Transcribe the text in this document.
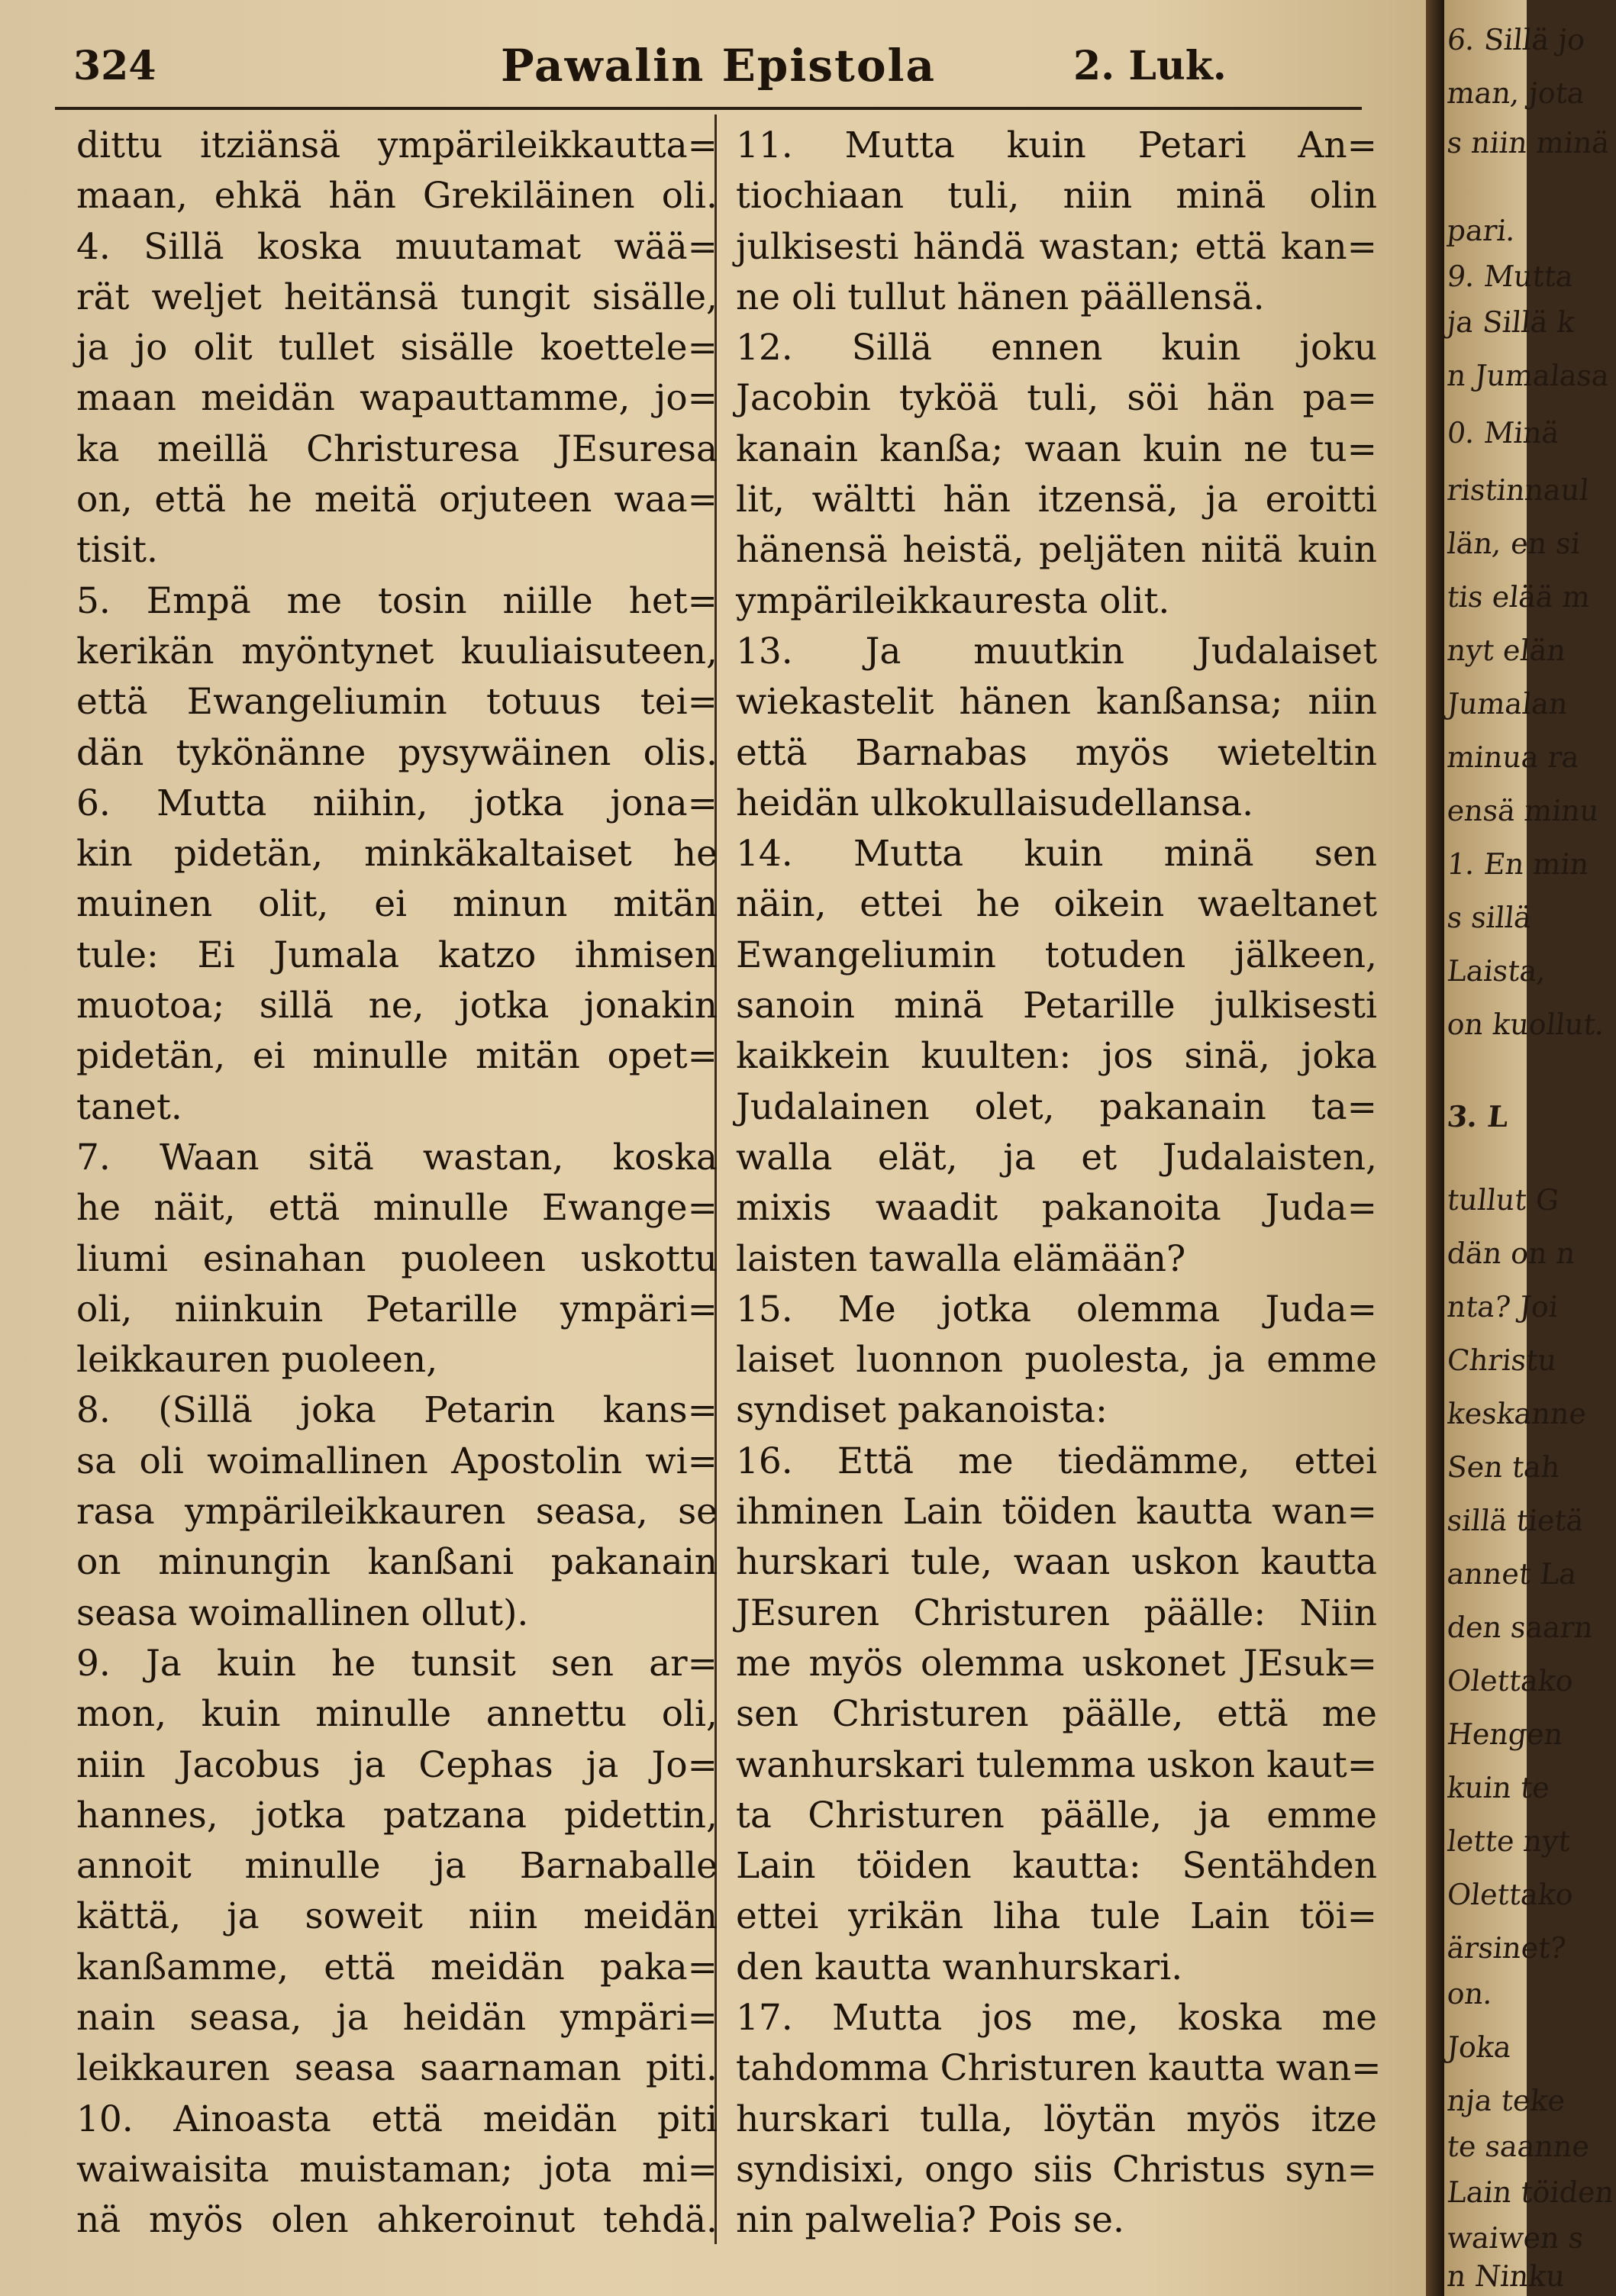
324	Pawalin Epistola	2. Luk.
dittu itziänsä ympärileikkautta=
maan, ehkä hän Grekiläinen oli.
4. Sillä koska muutamat wää=
rät weljet heitänsä tungit sisälle,
ja jo olit tullet sisälle koettele=
maan meidän wapauttamme, jo=
ka meillä Christuresa JEsuresa
on, että he meitä orjuteen waa=
tisit.
5. Empä me tosin niille het=
kerikän myöntynet kuuliaisuteen,
että Ewangeliumin totuus tei=
dän tykönänne pysywäinen olis.
6. Mutta niihin, jotka jona=
kin pidetän, minkäkaltaiset he
muinen olit, ei minun mitän
tule: Ei Jumala katzo ihmisen
muotoa; sillä ne, jotka jonakin
pidetän, ei minulle mitän opet=
tanet.
7. Waan sitä wastan, koska
he näit, että minulle Ewange=
liumi esinahan puoleen uskottu
oli, niinkuin Petarille ympäri=
leikkauren puoleen,
8. (Sillä joka Petarin kans=
sa oli woimallinen Apostolin wi=
rasa ympärileikkauren seasa, se
on minungin kanßani pakanain
seasa woimallinen ollut).
9. Ja kuin he tunsit sen ar=
mon, kuin minulle annettu oli,
niin Jacobus ja Cephas ja Jo=
hannes, jotka patzana pidettin,
annoit minulle ja Barnaballe
kättä, ja soweit niin meidän
kanßamme, että meidän paka=
nain seasa, ja heidän ympäri=
leikkauren seasa saarnaman piti.
10. Ainoasta että meidän piti
waiwaisita muistaman; jota mi=
nä myös olen ahkeroinut tehdä.
11. Mutta kuin Petari An=
tiochiaan tuli, niin minä olin
julkisesti händä wastan; että kan=
ne oli tullut hänen päällensä.
12. Sillä ennen kuin joku
Jacobin tyköä tuli, söi hän pa=
kanain kanßa; waan kuin ne tu=
lit, wältti hän itzensä, ja eroitti
hänensä heistä, peljäten niitä kuin
ympärileikkauresta olit.
13. Ja muutkin Judalaiset
wiekastelit hänen kanßansa; niin
että Barnabas myös wieteltin
heidän ulkokullaisudellansa.
14. Mutta kuin minä sen
näin, ettei he oikein waeltanet
Ewangeliumin totuden jälkeen,
sanoin minä Petarille julkisesti
kaikkein kuulten: jos sinä, joka
Judalainen olet, pakanain ta=
walla elät, ja et Judalaisten,
mixis waadit pakanoita Juda=
laisten tawalla elämään?
15. Me jotka olemma Juda=
laiset luonnon puolesta, ja emme
syndiset pakanoista:
16. Että me tiedämme, ettei
ihminen Lain töiden kautta wan=
hurskari tule, waan uskon kautta
JEsuren Christuren päälle: Niin
me myös olemma uskonet JEsuk=
sen Christuren päälle, että me
wanhurskari tulemma uskon kaut=
ta Christuren päälle, ja emme
Lain töiden kautta: Sentähden
ettei yrikän liha tule Lain töi=
den kautta wanhurskari.
17. Mutta jos me, koska me
tahdomma Christuren kautta wan=
hurskari tulla, löytän myös itze
syndisixi, ongo siis Christus syn=
nin palwelia? Pois se.
6. Sillä jo
man, jota
s niin minä
pari.
9. Mutta
ja Sillä k
n Jumalasa
0. Minä
ristinnaul
län, en si
tis elää m
nyt elän
Jumalan
minua ra
ensä minu
1. En min
s sillä
Laista,
on kuollut.
3. L
tullut G
dän on n
nta? Joi
Christu
keskanne
Sen tah
sillä tietä
annet La
den saarn
Olettako
Hengen
kuin te
lette nyt
Olettako
ärsinet?
on.
Joka
nja teke
te saanne
Lain töiden
waiwen s
n Ninku
